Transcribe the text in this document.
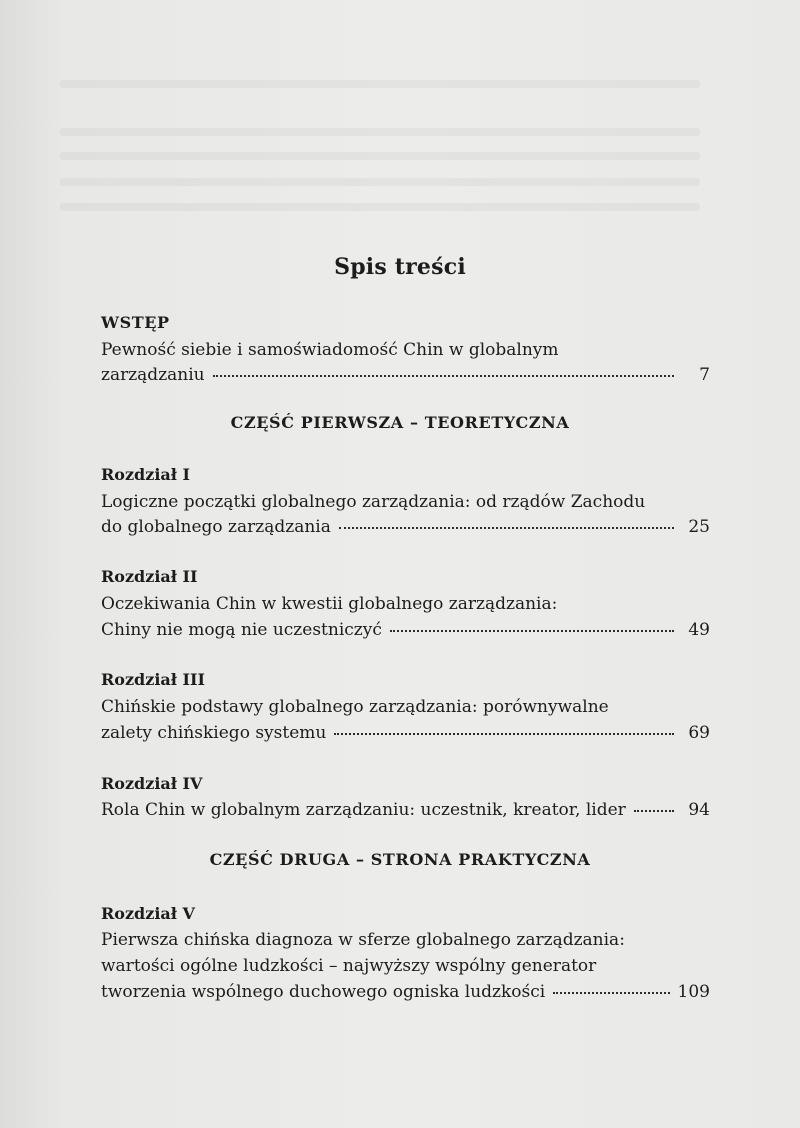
Spis treści
WSTĘP
Pewność siebie i samoświadomość Chin w globalnym
zarządzaniu	7
CZĘŚĆ PIERWSZA – TEORETYCZNA
Rozdział I
Logiczne początki globalnego zarządzania: od rządów Zachodu
do globalnego zarządzania	25
Rozdział II
Oczekiwania Chin w kwestii globalnego zarządzania:
Chiny nie mogą nie uczestniczyć	49
Rozdział III
Chińskie podstawy globalnego zarządzania: porównywalne
zalety chińskiego systemu	69
Rozdział IV
Rola Chin w globalnym zarządzaniu: uczestnik, kreator, lider	94
CZĘŚĆ DRUGA – STRONA PRAKTYCZNA
Rozdział V
Pierwsza chińska diagnoza w sferze globalnego zarządzania:
wartości ogólne ludzkości – najwyższy wspólny generator
tworzenia wspólnego duchowego ogniska ludzkości	109
